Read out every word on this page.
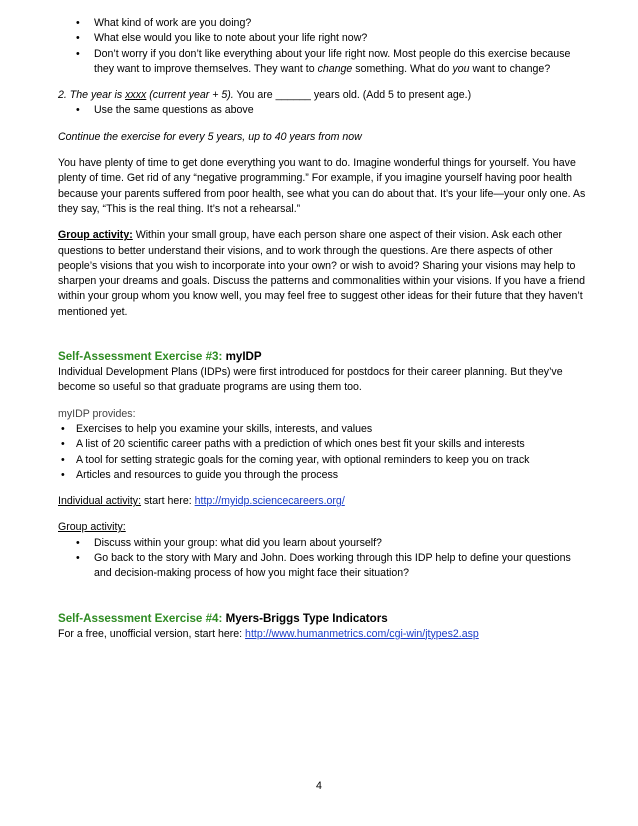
• What kind of work are you doing?
• What else would you like to note about your life right now?
• Don’t worry if you don’t like everything about your life right now. Most people do this exercise because they want to improve themselves. They want to change something. What do you want to change?

2. The year is xxxx (current year + 5). You are ______ years old. (Add 5 to present age.)

• Use the same questions as above

Continue the exercise for every 5 years, up to 40 years from now

You have plenty of time to get done everything you want to do. Imagine wonderful things for yourself. You have plenty of time. Get rid of any “negative programming.” For example, if you imagine yourself having poor health because your parents suffered from poor health, see what you can do about that. It’s your life—your only one. As they say, “This is the real thing. It’s not a rehearsal.”

Group activity: Within your small group, have each person share one aspect of their vision. Ask each other questions to better understand their visions, and to work through the questions. Are there aspects of other people’s visions that you wish to incorporate into your own? or wish to avoid? Sharing your visions may help to sharpen your dreams and goals. Discuss the patterns and commonalities within your visions. If you have a friend within your group whom you know well, you may feel free to suggest other ideas for their future that they haven’t mentioned yet.

Self-Assessment Exercise #3: myIDP

Individual Development Plans (IDPs) were first introduced for postdocs for their career planning. But they’ve become so useful so that graduate programs are using them too.

myIDP provides:

• Exercises to help you examine your skills, interests, and values
• A list of 20 scientific career paths with a prediction of which ones best fit your skills and interests
• A tool for setting strategic goals for the coming year, with optional reminders to keep you on track
• Articles and resources to guide you through the process

Individual activity: start here: http://myidp.sciencecareers.org/

Group activity:

• Discuss within your group: what did you learn about yourself?
• Go back to the story with Mary and John. Does working through this IDP help to define your questions and decision-making process of how you might face their situation?

Self-Assessment Exercise #4: Myers-Briggs Type Indicators

For a free, unofficial version, start here: http://www.humanmetrics.com/cgi-win/jtypes2.asp

4
